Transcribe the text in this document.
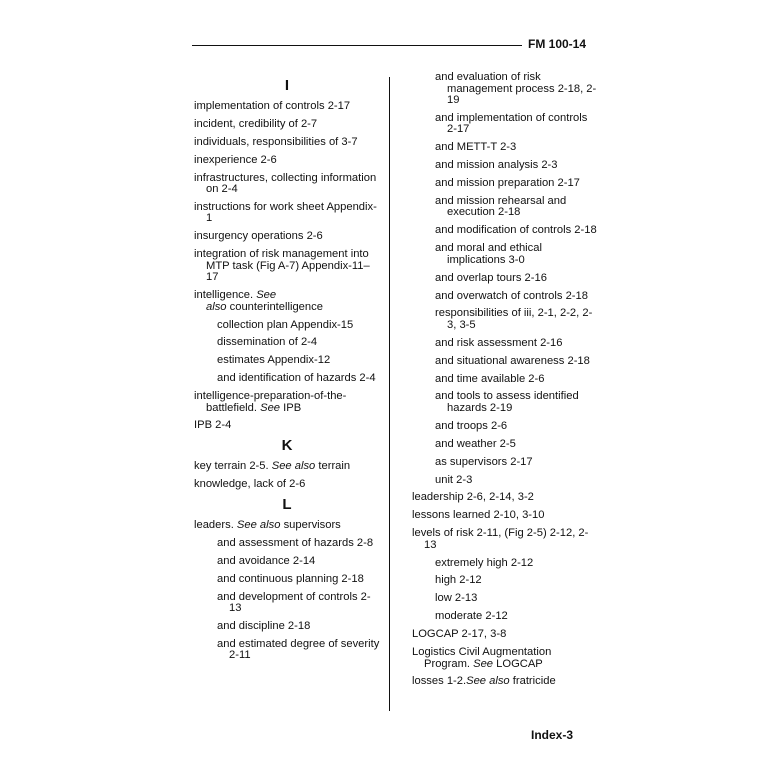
FM 100-14
I
implementation of controls 2-17
incident, credibility of 2-7
individuals, responsibilities of 3-7
inexperience 2-6
infrastructures, collecting information on 2-4
instructions for work sheet Appendix-1
insurgency operations 2-6
integration of risk management into MTP task (Fig A-7) Appendix-11–17
intelligence. See
also counterintelligence
collection plan Appendix-15
dissemination of 2-4
estimates Appendix-12
and identification of hazards 2-4
intelligence-preparation-of-the-battlefield. See IPB
IPB 2-4
K
key terrain 2-5. See also terrain
knowledge, lack of 2-6
L
leaders. See also supervisors
and assessment of hazards 2-8
and avoidance 2-14
and continuous planning 2-18
and development of controls 2-13
and discipline 2-18
and estimated degree of severity 2-11
and evaluation of risk management process 2-18, 2-19
and implementation of controls 2-17
and METT-T 2-3
and mission analysis 2-3
and mission preparation 2-17
and mission rehearsal and execution 2-18
and modification of controls 2-18
and moral and ethical implications 3-0
and overlap tours 2-16
and overwatch of controls 2-18
responsibilities of iii, 2-1, 2-2, 2-3, 3-5
and risk assessment 2-16
and situational awareness 2-18
and time available 2-6
and tools to assess identified hazards 2-19
and troops 2-6
and weather 2-5
as supervisors 2-17
unit 2-3
leadership 2-6, 2-14, 3-2
lessons learned 2-10, 3-10
levels of risk 2-11, (Fig 2-5) 2-12, 2-13
extremely high 2-12
high 2-12
low 2-13
moderate 2-12
LOGCAP 2-17, 3-8
Logistics Civil Augmentation Program. See LOGCAP
losses 1-2.See also fratricide
Index-3
